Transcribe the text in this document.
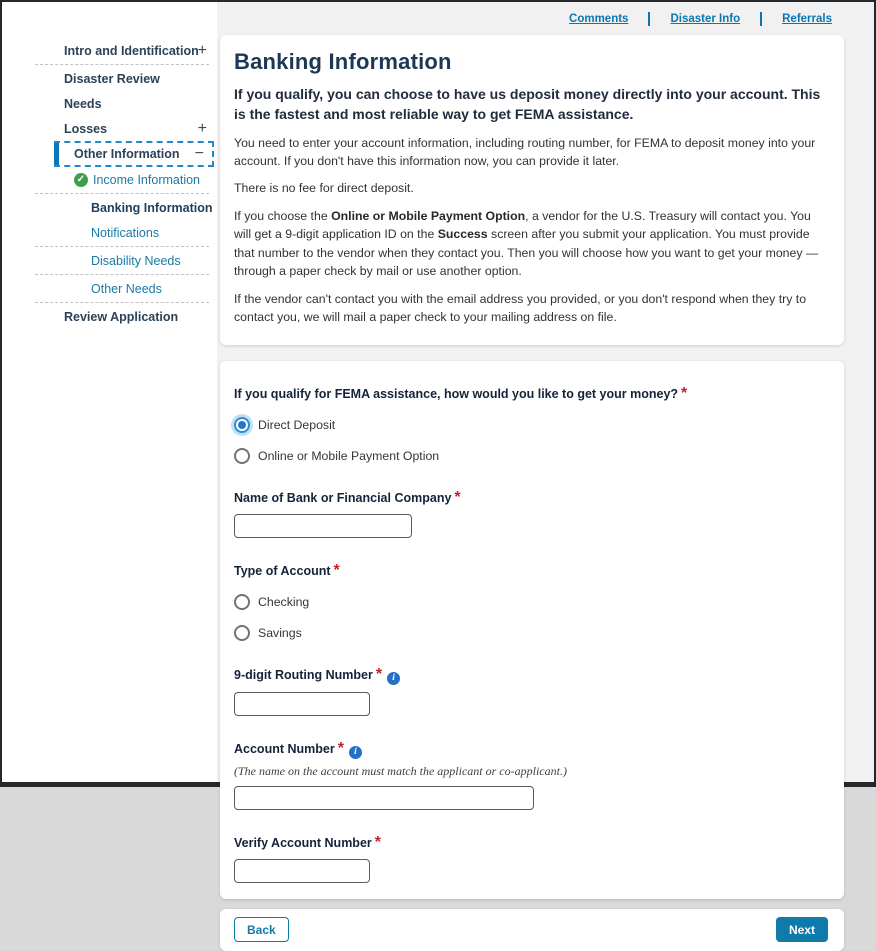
Intro and Identification
+
Disaster Review
Needs
Losses	+
Other Information −
✓ Income Information
Banking Information
Notifications
Disability Needs
Other Needs
Review Application
Comments	Disaster Info	Referrals
Banking Information

If you qualify, you can choose to have us deposit money directly into your account. This is the fastest and most reliable way to get FEMA assistance.

You need to enter your account information, including routing number, for FEMA to deposit money into your account. If you don't have this information now, you can provide it later.

There is no fee for direct deposit.

If you choose the Online or Mobile Payment Option, a vendor for the U.S. Treasury will contact you. You will get a 9-digit application ID on the Success screen after you submit your application. You must provide that number to the vendor when they contact you. Then you will choose how you want to get your money — through a paper check by mail or use another option.

If the vendor can't contact you with the email address you provided, or you don't respond when they try to contact you, we will mail a paper check to your mailing address on file.

If you qualify for FEMA assistance, how would you like to get your money? *
Direct Deposit
Online or Mobile Payment Option
Name of Bank or Financial Company *
Type of Account *
Checking
Savings
9-digit Routing Number * i
Account Number * i
(The name on the account must match the applicant or co-applicant.)
Verify Account Number *
Back	Next
